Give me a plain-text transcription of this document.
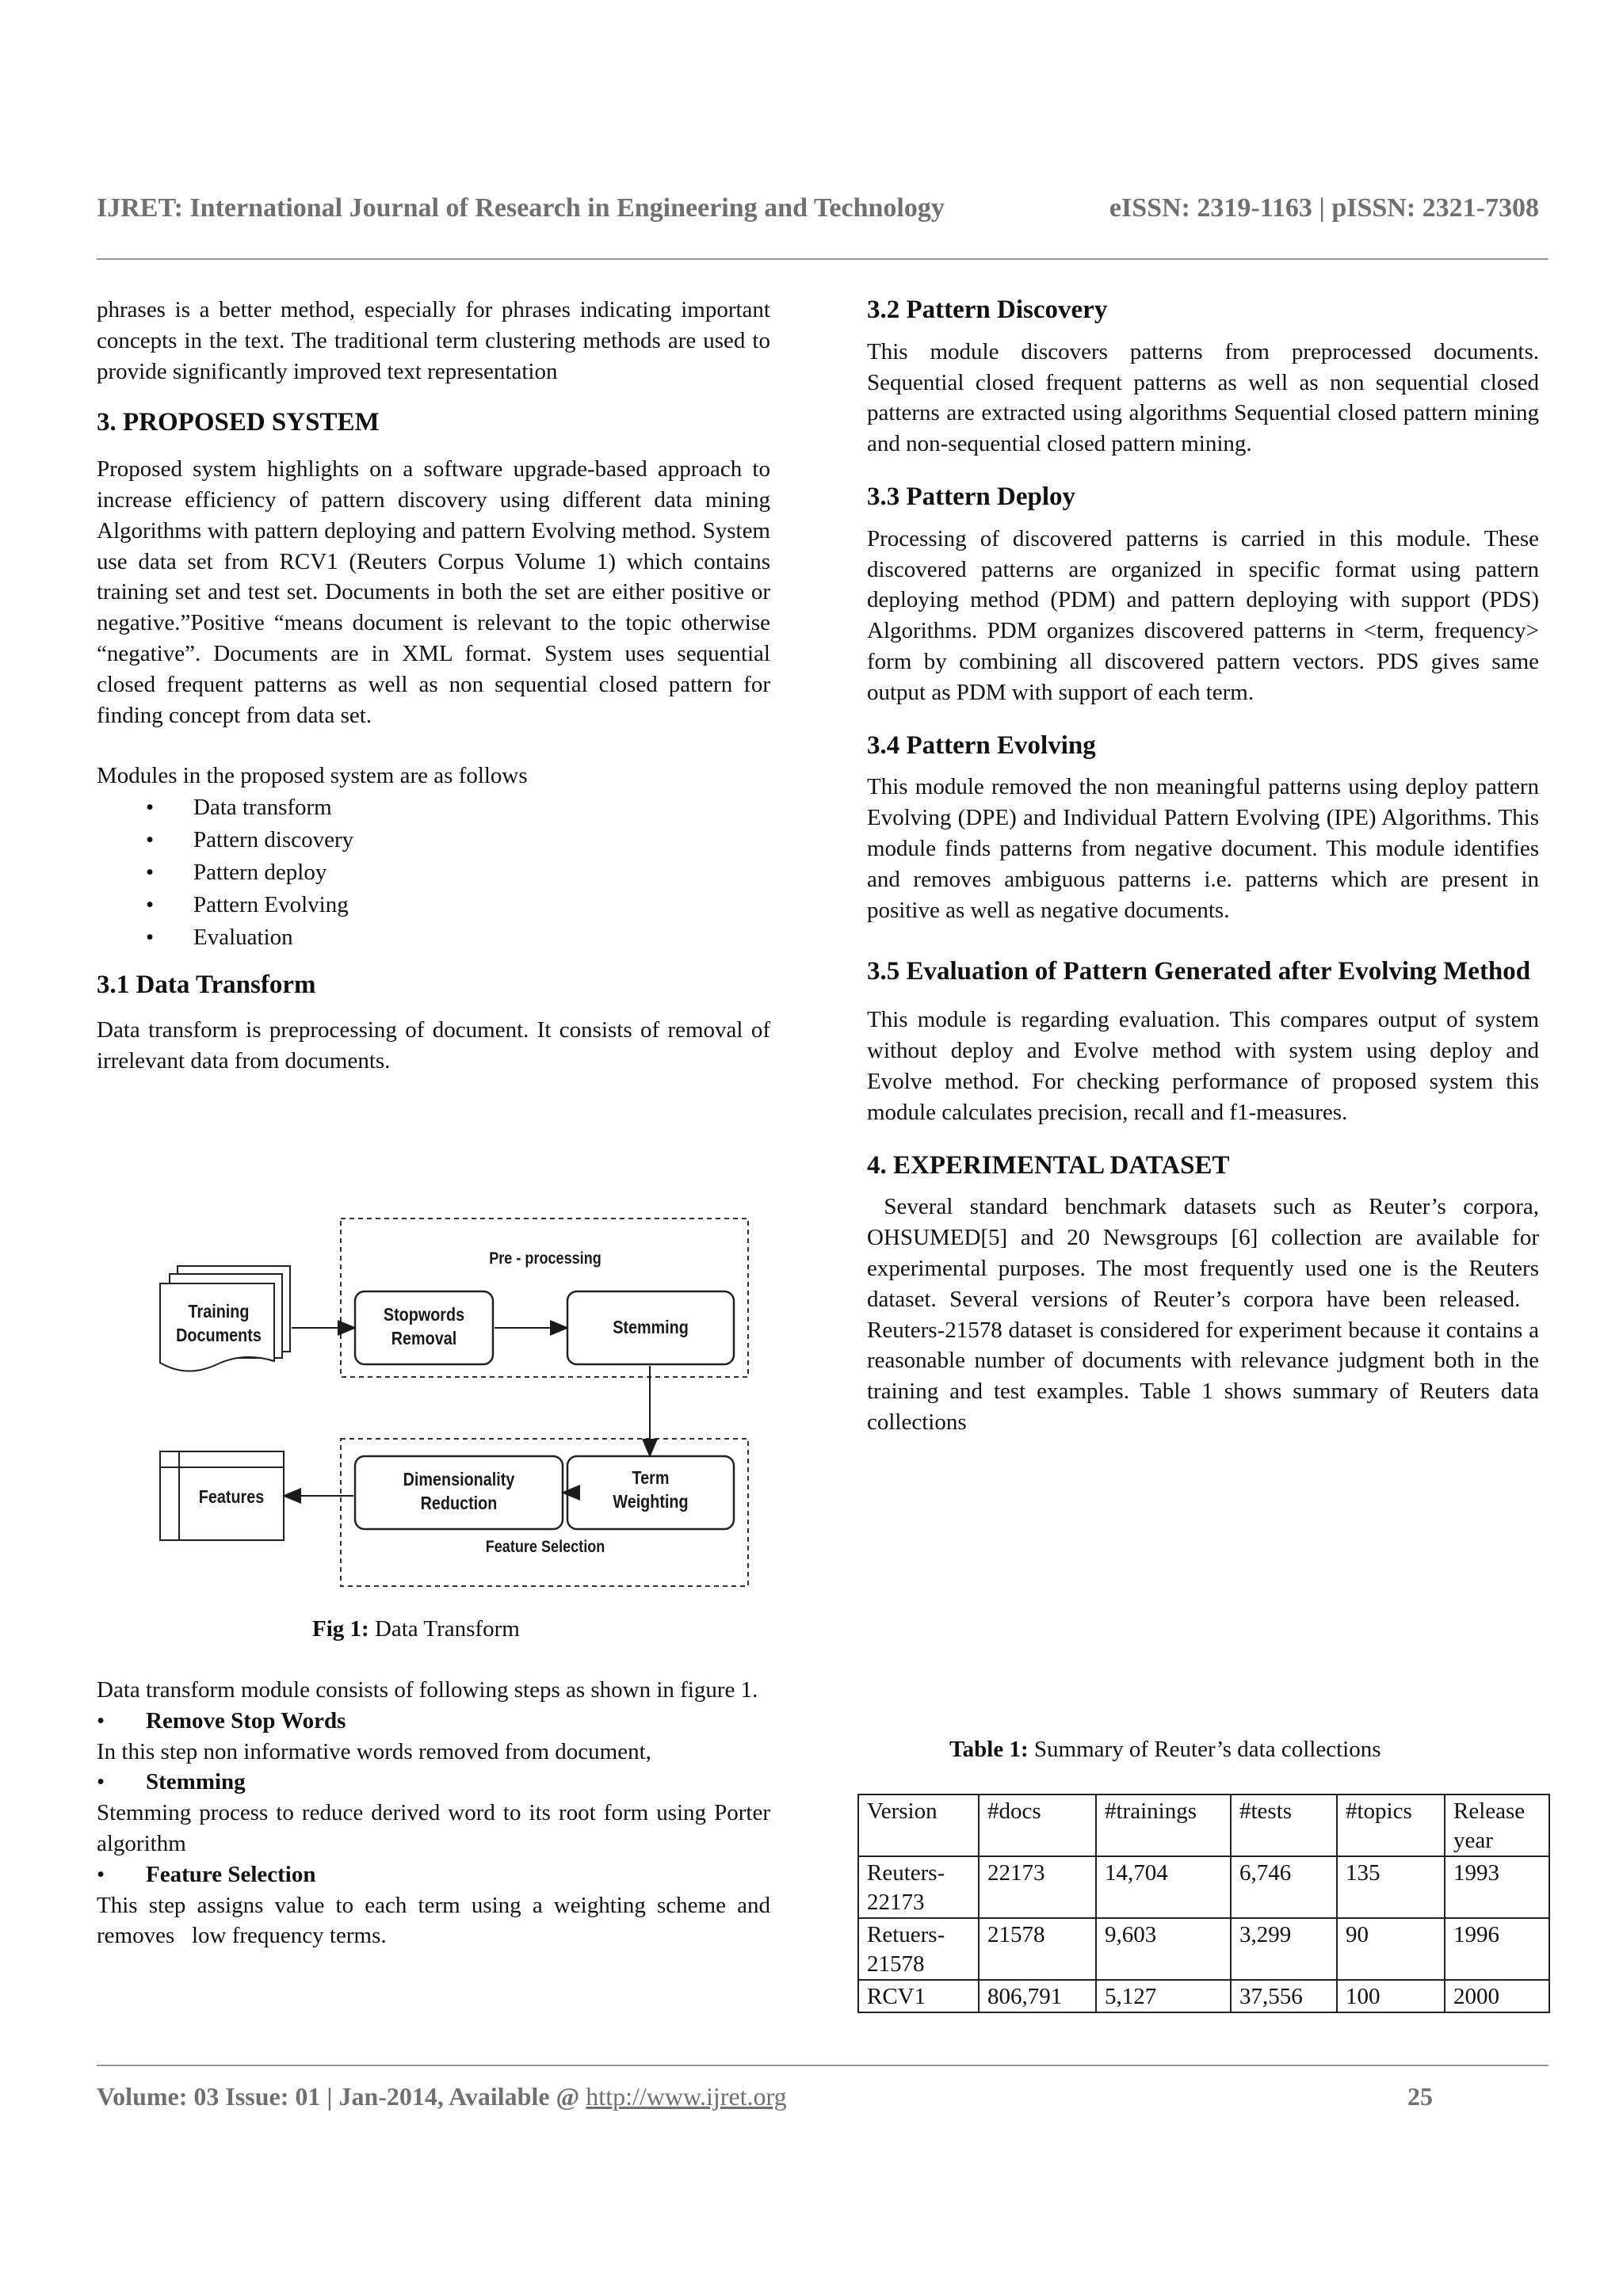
IJRET: International Journal of Research in Engineering and Technology	eISSN: 2319-1163 | pISSN: 2321-7308

phrases is a better method, especially for phrases indicating important concepts in the text. The traditional term clustering methods are used to provide significantly improved text representation

3. PROPOSED SYSTEM

Proposed system highlights on a software upgrade-based approach to increase efficiency of pattern discovery using different data mining Algorithms with pattern deploying and pattern Evolving method. System use data set from RCV1 (Reuters Corpus Volume 1) which contains training set and test set. Documents in both the set are either positive or negative.”Positive “means document is relevant to the topic otherwise “negative”. Documents are in XML format. System uses sequential closed frequent patterns as well as non sequential closed pattern for finding concept from data set.

Modules in the proposed system are as follows

• Data transform
• Pattern discovery
• Pattern deploy
• Pattern Evolving
• Evaluation
3.1 Data Transform

Data transform is preprocessing of document. It consists of removal of irrelevant data from documents.

Pre - processing
Training Documents
Stopwords Removal
Stemming
Features
Dimensionality Reduction
Term Weighting
Feature Selection
Fig 1: Data Transform

Data transform module consists of following steps as shown in figure 1.

• Remove Stop Words

In this step non informative words removed from document,

• Stemming

Stemming process to reduce derived word to its root form using Porter algorithm

• Feature Selection

This step assigns value to each term using a weighting scheme and removes   low frequency terms.

3.2 Pattern Discovery

This module discovers patterns from preprocessed documents. Sequential closed frequent patterns as well as non sequential closed patterns are extracted using algorithms Sequential closed pattern mining and non-sequential closed pattern mining.

3.3 Pattern Deploy

Processing of discovered patterns is carried in this module. These discovered patterns are organized in specific format using pattern deploying method (PDM) and pattern deploying with support (PDS) Algorithms. PDM organizes discovered patterns in <term, frequency> form by combining all discovered pattern vectors. PDS gives same output as PDM with support of each term.

3.4 Pattern Evolving

This module removed the non meaningful patterns using deploy pattern Evolving (DPE) and Individual Pattern Evolving (IPE) Algorithms. This module finds patterns from negative document. This module identifies and removes ambiguous patterns i.e. patterns which are present in positive as well as negative documents.

3.5 Evaluation of Pattern Generated after Evolving Method

This module is regarding evaluation. This compares output of system without deploy and Evolve method with system using deploy and Evolve method. For checking performance of proposed system this module calculates precision, recall and f1-measures.

4. EXPERIMENTAL DATASET

Several standard benchmark datasets such as Reuter’s corpora, OHSUMED[5] and 20 Newsgroups [6] collection are available for experimental purposes. The most frequently used one is the Reuters dataset. Several versions of Reuter’s corpora have been released.   Reuters-21578 dataset is considered for experiment because it contains a reasonable number of documents with relevance judgment both in the training and test examples. Table 1 shows summary of Reuters data collections

Table 1: Summary of Reuter’s data collections
Version	#docs	#trainings	#tests	#topics	Release year
Reuters-22173	22173	14,704	6,746	135	1993
Retuers-21578	21578	9,603	3,299	90	1996
RCV1	806,791	5,127	37,556	100	2000
Volume: 03 Issue: 01 | Jan-2014, Available @ http://www.ijret.org	25
